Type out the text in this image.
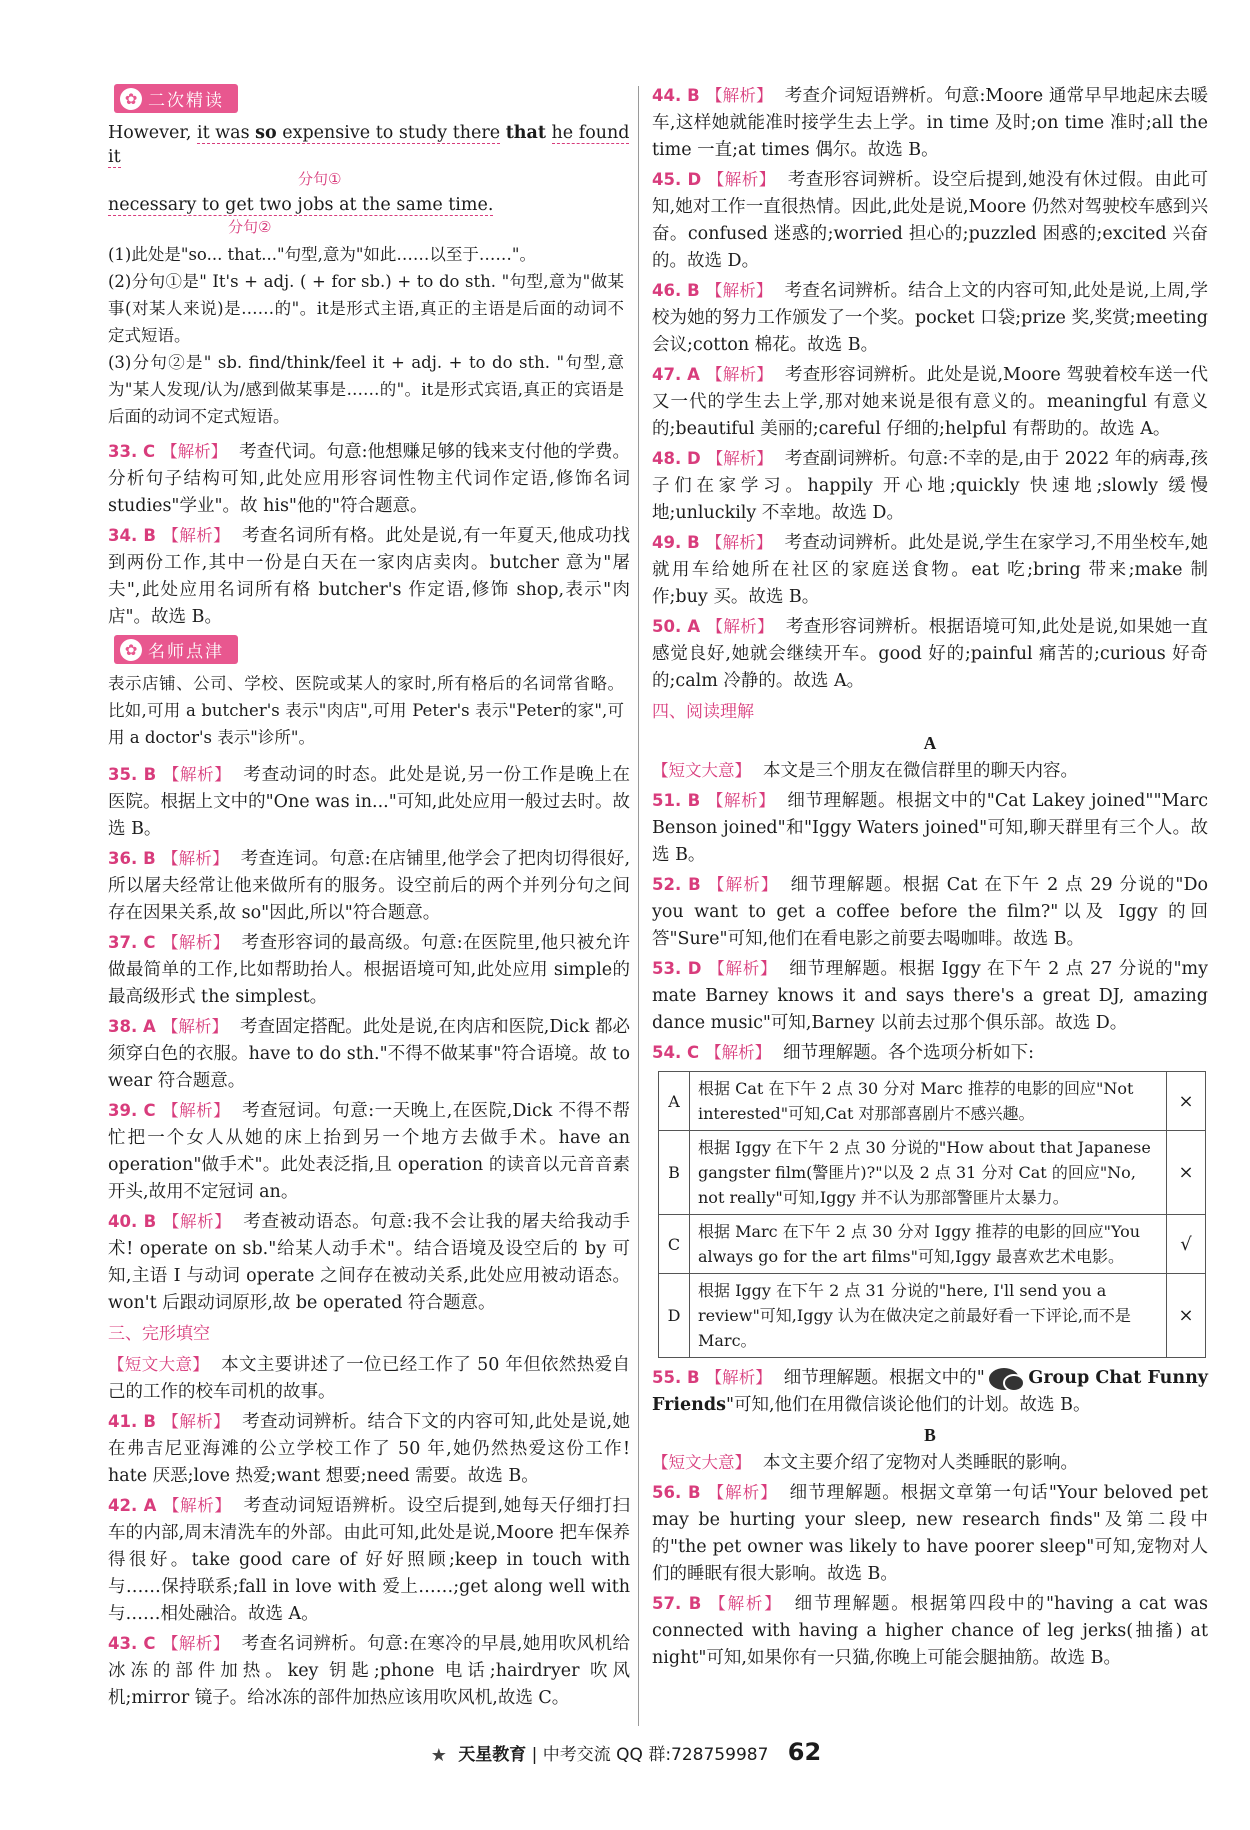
✿ 二次精读
However, it was so expensive to study there that he found it
分句①
necessary to get two jobs at the same time.
分句②

(1)此处是"so... that..."句型,意为"如此……以至于……"。

(2)分句①是" It's + adj. ( + for sb.) + to do sth. "句型,意为"做某事(对某人来说)是……的"。it是形式主语,真正的主语是后面的动词不定式短语。

(3)分句②是" sb. find/think/feel it + adj. + to do sth. "句型,意为"某人发现/认为/感到做某事是……的"。it是形式宾语,真正的宾语是后面的动词不定式短语。

33. C 【解析】 考查代词。句意:他想赚足够的钱来支付他的学费。分析句子结构可知,此处应用形容词性物主代词作定语,修饰名词 studies"学业"。故 his"他的"符合题意。

34. B 【解析】 考查名词所有格。此处是说,有一年夏天,他成功找到两份工作,其中一份是白天在一家肉店卖肉。butcher 意为"屠夫",此处应用名词所有格 butcher's 作定语,修饰 shop,表示"肉店"。故选 B。

✿ 名师点津

表示店铺、公司、学校、医院或某人的家时,所有格后的名词常省略。比如,可用 a butcher's 表示"肉店",可用 Peter's 表示"Peter的家",可用 a doctor's 表示"诊所"。

35. B 【解析】 考查动词的时态。此处是说,另一份工作是晚上在医院。根据上文中的"One was in..."可知,此处应用一般过去时。故选 B。

36. B 【解析】 考查连词。句意:在店铺里,他学会了把肉切得很好,所以屠夫经常让他来做所有的服务。设空前后的两个并列分句之间存在因果关系,故 so"因此,所以"符合题意。

37. C 【解析】 考查形容词的最高级。句意:在医院里,他只被允许做最简单的工作,比如帮助抬人。根据语境可知,此处应用 simple的最高级形式 the simplest。

38. A 【解析】 考查固定搭配。此处是说,在肉店和医院,Dick 都必须穿白色的衣服。have to do sth."不得不做某事"符合语境。故 to wear 符合题意。

39. C 【解析】 考查冠词。句意:一天晚上,在医院,Dick 不得不帮忙把一个女人从她的床上抬到另一个地方去做手术。have an operation"做手术"。此处表泛指,且 operation 的读音以元音音素开头,故用不定冠词 an。

40. B 【解析】 考查被动语态。句意:我不会让我的屠夫给我动手术! operate on sb."给某人动手术"。结合语境及设空后的 by 可知,主语 I 与动词 operate 之间存在被动关系,此处应用被动语态。won't 后跟动词原形,故 be operated 符合题意。

三、完形填空

【短文大意】 本文主要讲述了一位已经工作了 50 年但依然热爱自己的工作的校车司机的故事。

41. B 【解析】 考查动词辨析。结合下文的内容可知,此处是说,她在弗吉尼亚海滩的公立学校工作了 50 年,她仍然热爱这份工作! hate 厌恶;love 热爱;want 想要;need 需要。故选 B。

42. A 【解析】 考查动词短语辨析。设空后提到,她每天仔细打扫车的内部,周末清洗车的外部。由此可知,此处是说,Moore 把车保养得很好。take good care of 好好照顾;keep in touch with 与……保持联系;fall in love with 爱上……;get along well with 与……相处融洽。故选 A。

43. C 【解析】 考查名词辨析。句意:在寒冷的早晨,她用吹风机给冰冻的部件加热。key 钥匙;phone 电话;hairdryer 吹风机;mirror 镜子。给冰冻的部件加热应该用吹风机,故选 C。

44. B 【解析】 考查介词短语辨析。句意:Moore 通常早早地起床去暖车,这样她就能准时接学生去上学。in time 及时;on time 准时;all the time 一直;at times 偶尔。故选 B。

45. D 【解析】 考查形容词辨析。设空后提到,她没有休过假。由此可知,她对工作一直很热情。因此,此处是说,Moore 仍然对驾驶校车感到兴奋。confused 迷惑的;worried 担心的;puzzled 困惑的;excited 兴奋的。故选 D。

46. B 【解析】 考查名词辨析。结合上文的内容可知,此处是说,上周,学校为她的努力工作颁发了一个奖。pocket 口袋;prize 奖,奖赏;meeting 会议;cotton 棉花。故选 B。

47. A 【解析】 考查形容词辨析。此处是说,Moore 驾驶着校车送一代又一代的学生去上学,那对她来说是很有意义的。meaningful 有意义的;beautiful 美丽的;careful 仔细的;helpful 有帮助的。故选 A。

48. D 【解析】 考查副词辨析。句意:不幸的是,由于 2022 年的病毒,孩子们在家学习。happily 开心地;quickly 快速地;slowly 缓慢地;unluckily 不幸地。故选 D。

49. B 【解析】 考查动词辨析。此处是说,学生在家学习,不用坐校车,她就用车给她所在社区的家庭送食物。eat 吃;bring 带来;make 制作;buy 买。故选 B。

50. A 【解析】 考查形容词辨析。根据语境可知,此处是说,如果她一直感觉良好,她就会继续开车。good 好的;painful 痛苦的;curious 好奇的;calm 冷静的。故选 A。

四、阅读理解
A

【短文大意】 本文是三个朋友在微信群里的聊天内容。

51. B 【解析】 细节理解题。根据文中的"Cat Lakey joined""Marc Benson joined"和"Iggy Waters joined"可知,聊天群里有三个人。故选 B。

52. B 【解析】 细节理解题。根据 Cat 在下午 2 点 29 分说的"Do you want to get a coffee before the film?"以及 Iggy 的回答"Sure"可知,他们在看电影之前要去喝咖啡。故选 B。

53. D 【解析】 细节理解题。根据 Iggy 在下午 2 点 27 分说的"my mate Barney knows it and says there's a great DJ, amazing dance music"可知,Barney 以前去过那个俱乐部。故选 D。

54. C 【解析】 细节理解题。各个选项分析如下:

A	根据 Cat 在下午 2 点 30 分对 Marc 推荐的电影的回应"Not interested"可知,Cat 对那部喜剧片不感兴趣。	×
B	根据 Iggy 在下午 2 点 30 分说的"How about that Japanese gangster film(警匪片)?"以及 2 点 31 分对 Cat 的回应"No, not really"可知,Iggy 并不认为那部警匪片太暴力。	×
C	根据 Marc 在下午 2 点 30 分对 Iggy 推荐的电影的回应"You always go for the art films"可知,Iggy 最喜欢艺术电影。	√
D	根据 Iggy 在下午 2 点 31 分说的"here, I'll send you a review"可知,Iggy 认为在做决定之前最好看一下评论,而不是 Marc。	×

55. B 【解析】 细节理解题。根据文中的" Group Chat Funny Friends"可知,他们在用微信谈论他们的计划。故选 B。

B

【短文大意】 本文主要介绍了宠物对人类睡眠的影响。

56. B 【解析】 细节理解题。根据文章第一句话"Your beloved pet may be hurting your sleep, new research finds"及第二段中的"the pet owner was likely to have poorer sleep"可知,宠物对人们的睡眠有很大影响。故选 B。

57. B 【解析】 细节理解题。根据第四段中的"having a cat was connected with having a higher chance of leg jerks(抽搐) at night"可知,如果你有一只猫,你晚上可能会腿抽筋。故选 B。

★ 天星教育 | 中考交流 QQ 群:728759987 62
